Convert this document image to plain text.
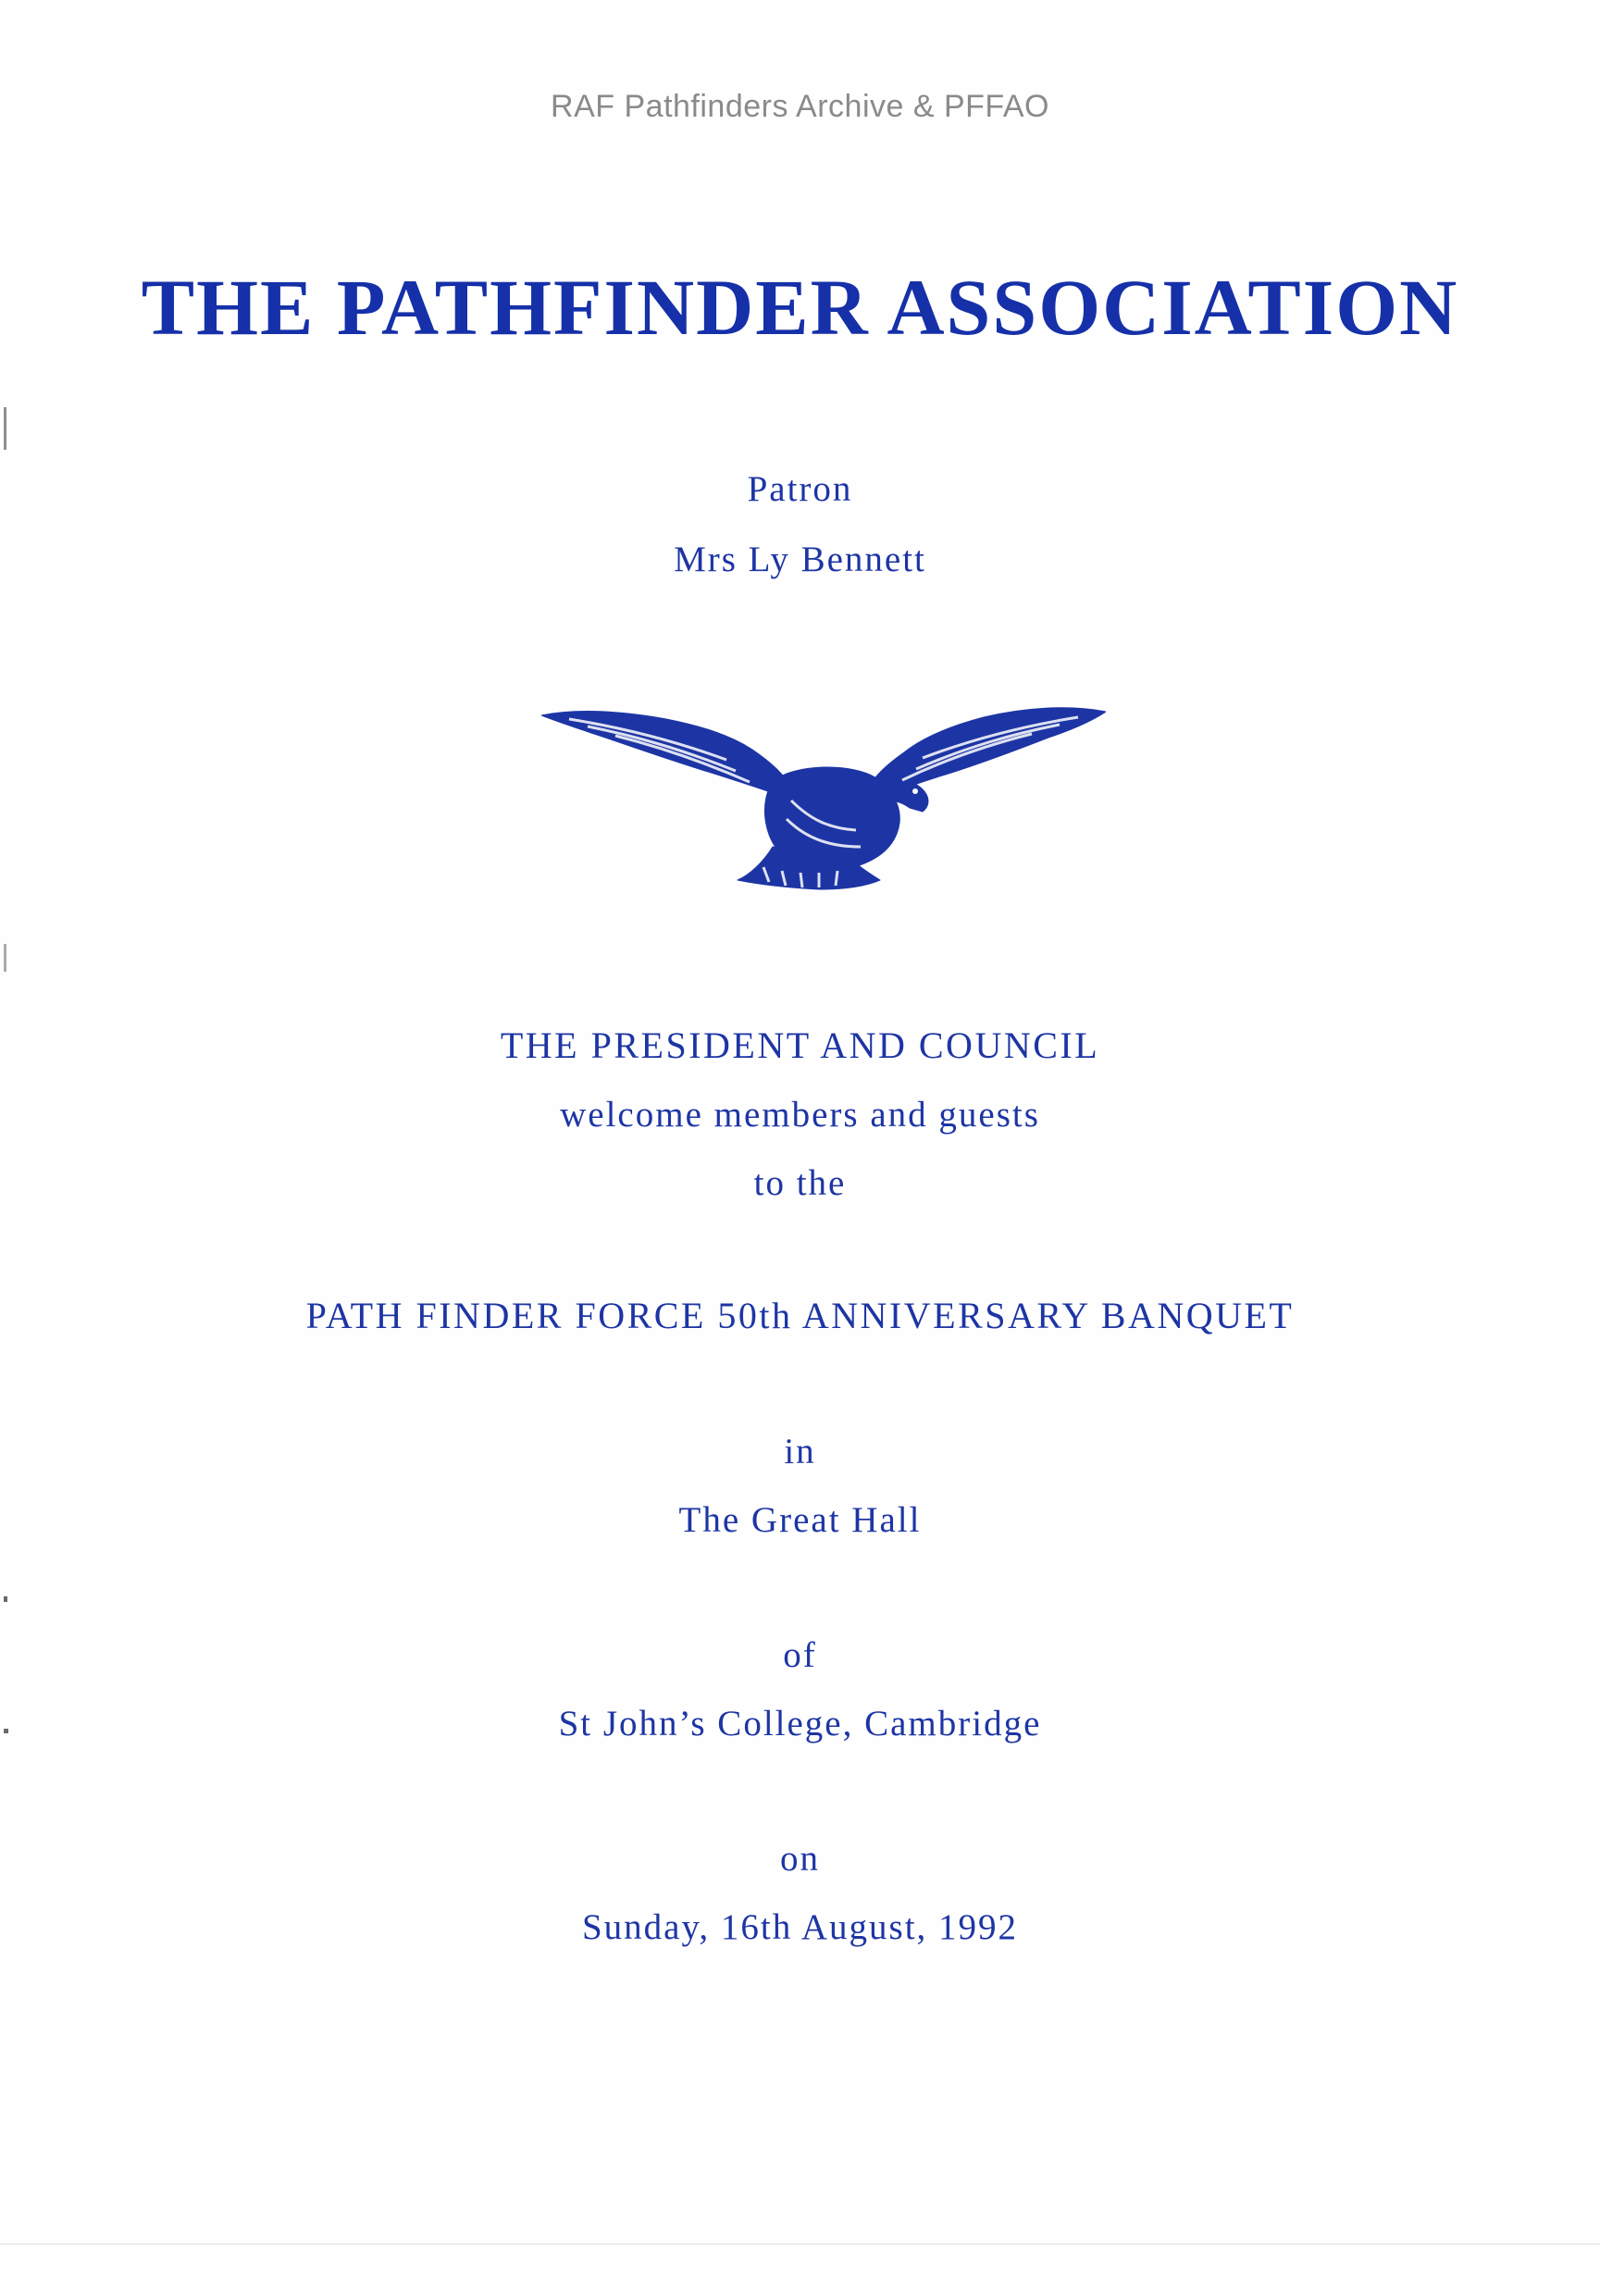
RAF Pathfinders Archive & PFFAO
THE PATHFINDER ASSOCIATION
Patron
Mrs Ly Bennett
THE PRESIDENT AND COUNCIL
welcome members and guests
to the
PATH FINDER FORCE 50th ANNIVERSARY BANQUET
in
The Great Hall
of
St John’s College, Cambridge
on
Sunday, 16th August, 1992
